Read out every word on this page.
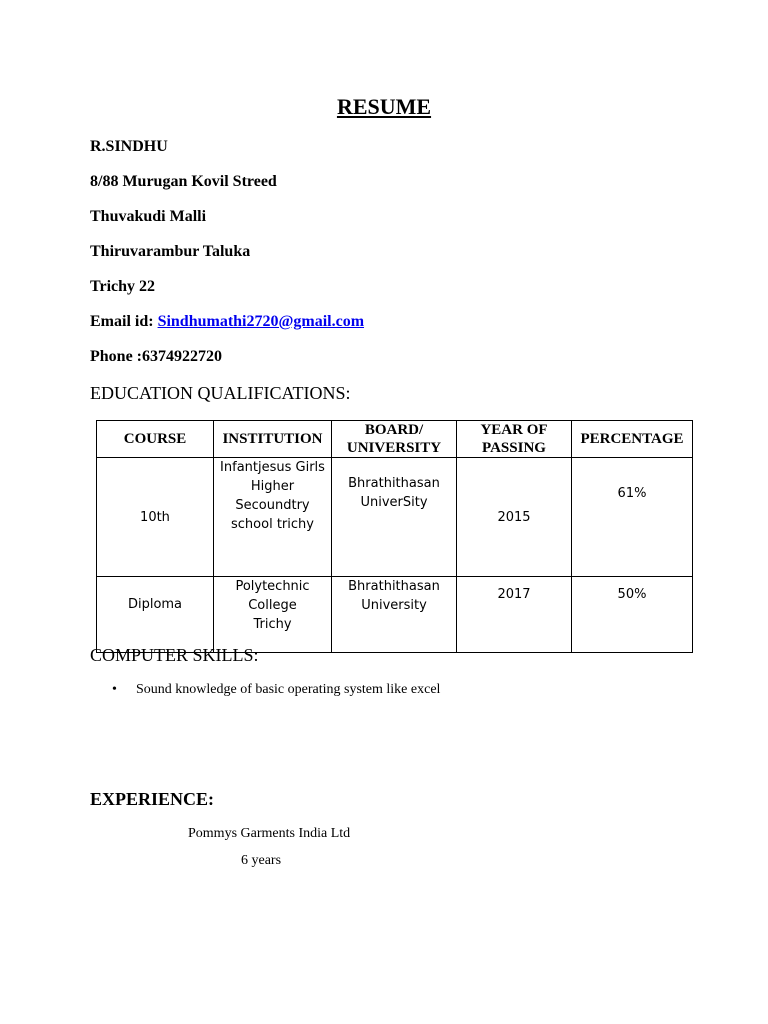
RESUME
R.SINDHU
8/88 Murugan Kovil Streed
Thuvakudi Malli
Thiruvarambur Taluka
Trichy 22
Email id: Sindhumathi2720@gmail.com
Phone :6374922720
EDUCATION QUALIFICATIONS:
COURSE	INSTITUTION	BOARD/ UNIVERSITY	YEAR OF PASSING	PERCENTAGE
10th	Infantjesus Girls Higher Secoundtry school trichy	Bhrathithasan UniverSity	2015	61%
Diploma	Polytechnic College Trichy	Bhrathithasan University	2017	50%
COMPUTER SKILLS:
• Sound knowledge of basic operating system like excel
EXPERIENCE:
Pommys Garments India Ltd
6 years
